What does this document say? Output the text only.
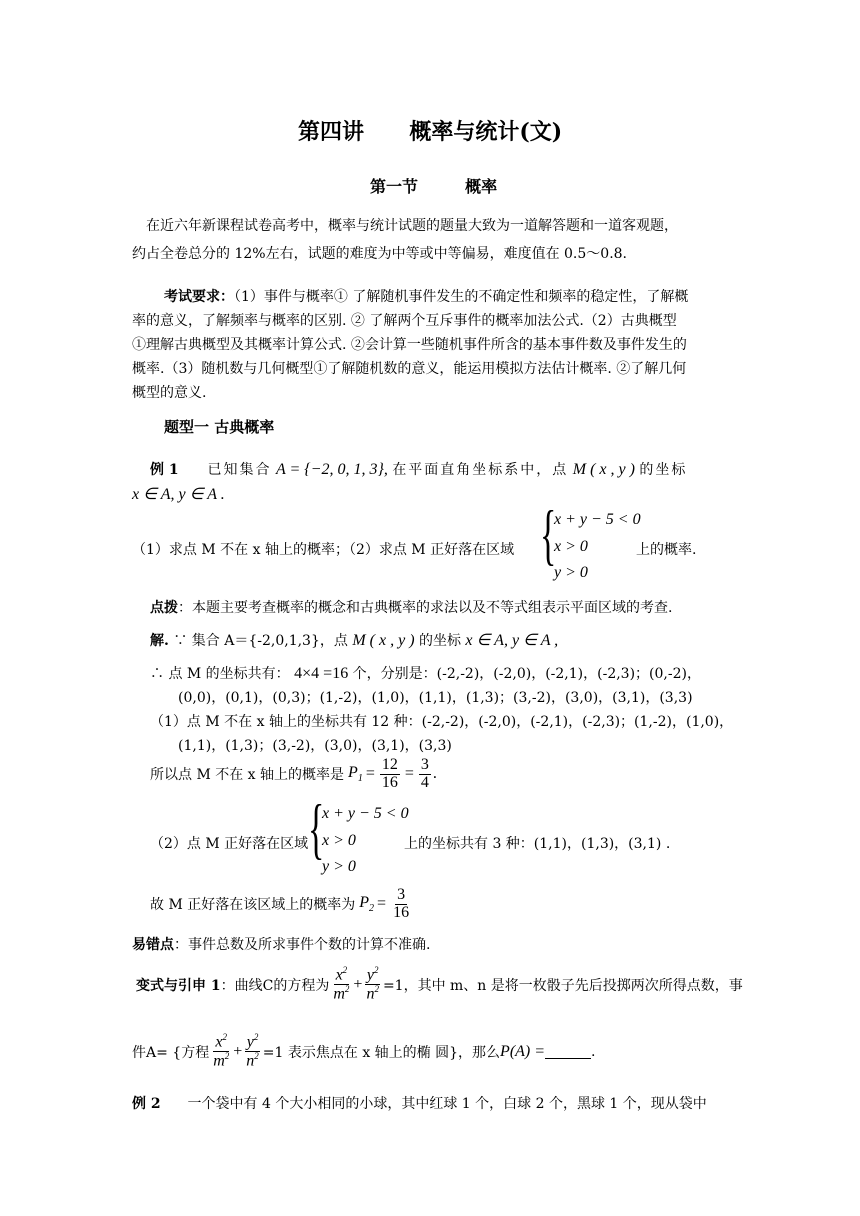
第四讲 概率与统计(文)
第一节	概率
在近六年新课程试卷高考中，概率与统计试题的题量大致为一道解答题和一道客观题，
约占全卷总分的 12%左右，试题的难度为中等或中等偏易，难度值在 0.5～0.8.
考试要求：（1）事件与概率① 了解随机事件发生的不确定性和频率的稳定性，了解概
率的意义，了解频率与概率的区别. ② 了解两个互斥事件的概率加法公式.（2）古典概型
①理解古典概型及其概率计算公式. ②会计算一些随机事件所含的基本事件数及事件发生的
概率.（3）随机数与几何概型①了解随机数的意义，能运用模拟方法估计概率. ②了解几何
概型的意义.
题型一 古典概率
例 1 已知集合 A = {−2, 0, 1, 3}, 在平面直角坐标系中，点 M ( x , y ) 的坐标
x ∈ A, y ∈ A .
（1）求点 M 不在 x 轴上的概率；（2）求点 M 正好落在区域 {
x + y − 5 < 0
x > 0
y > 0
上的概率.
点拨：本题主要考查概率的概念和古典概率的求法以及不等式组表示平面区域的考查.
解. ∵ 集合 A＝{-2,0,1,3}，点 M ( x , y ) 的坐标 x ∈ A, y ∈ A ,
∴ 点 M 的坐标共有： 4×4 =16 个，分别是：(-2,-2)，(-2,0)，(-2,1)，(-2,3)；(0,-2)，
(0,0)，(0,1)，(0,3)；(1,-2)，(1,0)，(1,1)，(1,3)；(3,-2)，(3,0)，(3,1)，(3,3)
（1）点 M 不在 x 轴上的坐标共有 12 种：(-2,-2)，(-2,0)，(-2,1)，(-2,3)；(1,-2)，(1,0)，
(1,1)，(1,3)；(3,-2)，(3,0)，(3,1)，(3,3)
所以点 M 不在 x 轴上的概率是 $P_1 = \frac{12}{16} = \frac{3}{4}$ .
（2）点 M 正好落在区域 {
x + y − 5 < 0
x > 0
y > 0
上的坐标共有 3 种：(1,1)，(1,3)，(3,1) .
故 M 正好落在该区域上的概率为 $P_2 = \frac{3}{16}$
易错点：事件总数及所求事件个数的计算不准确.
变式与引申 1 ：曲线C的方程为 $\frac{x^2}{m^2} + \frac{y^2}{n^2} =1$，其中 m、n 是将一枚骰子先后投掷两次所得点数，事
件A= {方程 $\frac{x^2}{m^2} + \frac{y^2}{n^2} =1$ 表示焦点在 x 轴上的椭 圆}，那么 P(A) =	.
例 2 一个袋中有 4 个大小相同的小球，其中红球 1 个，白球 2 个，黑球 1 个，现从袋中
